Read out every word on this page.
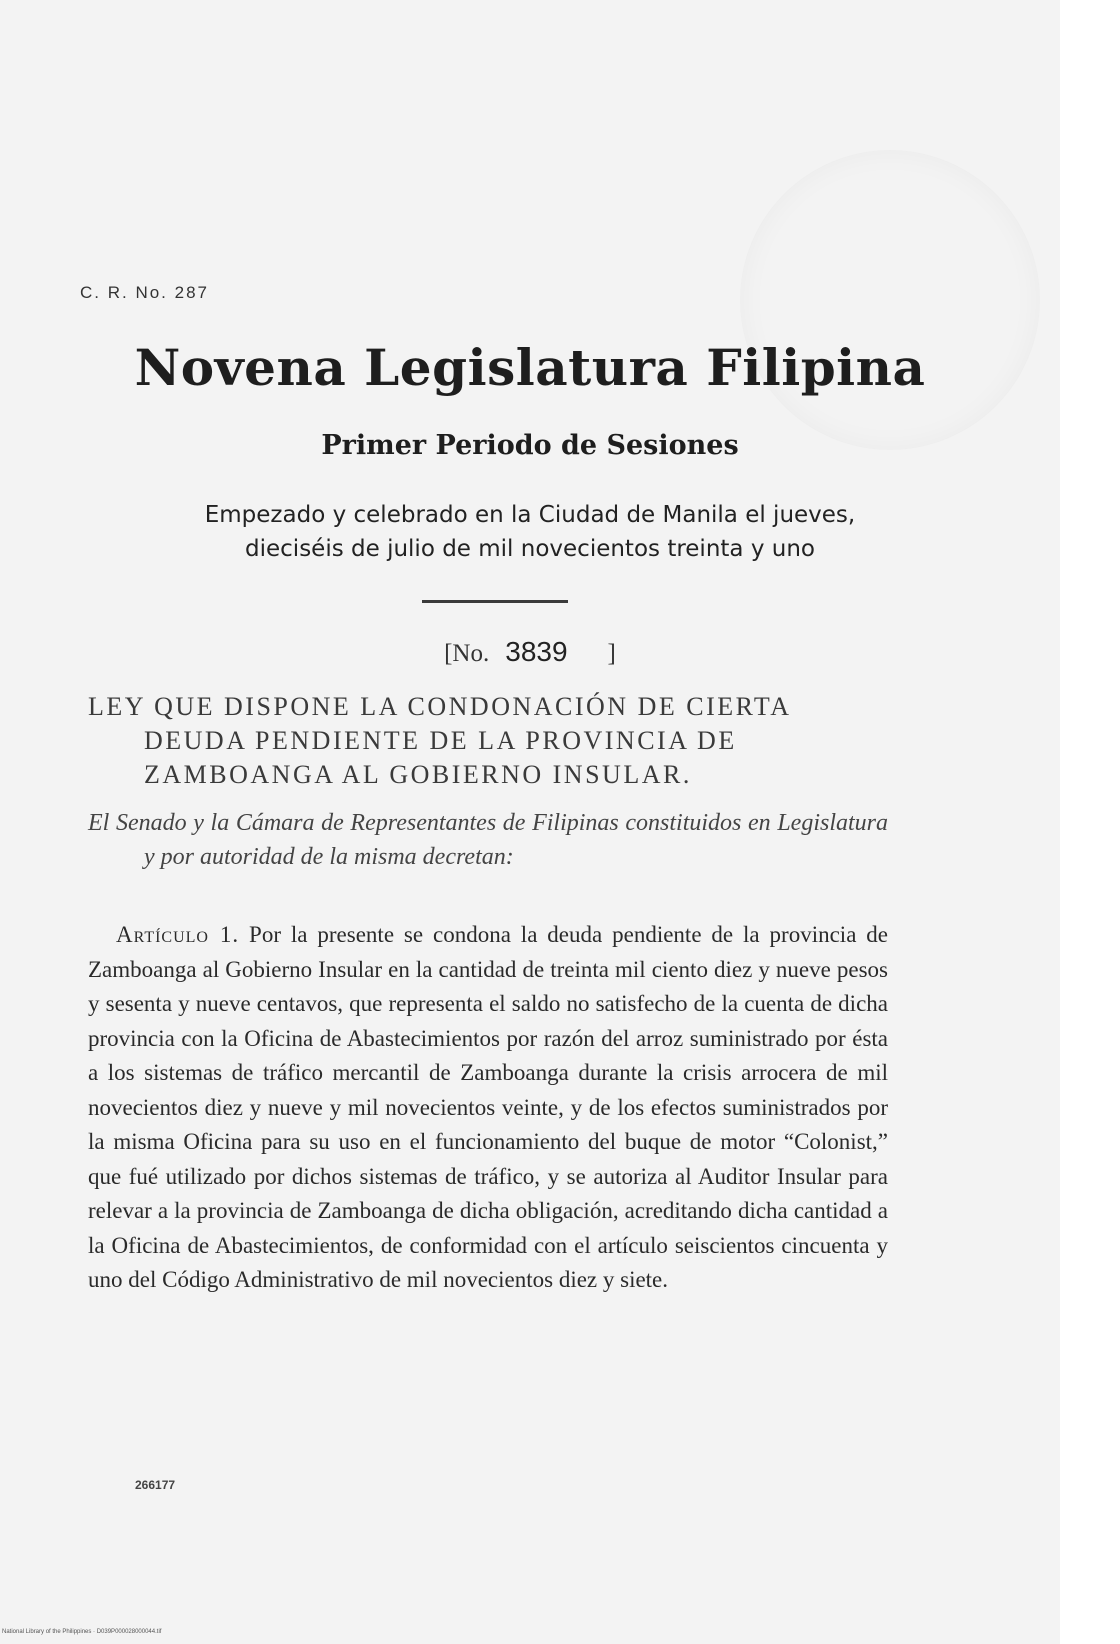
C. R. No. 287
Novena Legislatura Filipina
Primer Periodo de Sesiones
Empezado y celebrado en la Ciudad de Manila el jueves,
dieciséis de julio de mil novecientos treinta y uno
[No. 3839 ]
LEY QUE DISPONE LA CONDONACIÓN DE CIERTA DEUDA PENDIENTE DE LA PROVINCIA DE ZAMBOANGA AL GOBIERNO INSULAR.
El Senado y la Cámara de Representantes de Filipinas constituidos en Legislatura y por autoridad de la misma decretan:
Artículo 1. Por la presente se condona la deuda pendiente de la provincia de Zamboanga al Gobierno Insular en la cantidad de treinta mil ciento diez y nueve pesos y sesenta y nueve centavos, que representa el saldo no satisfecho de la cuenta de dicha provincia con la Oficina de Abastecimientos por razón del arroz suministrado por ésta a los sistemas de tráfico mercantil de Zamboanga durante la crisis arrocera de mil novecientos diez y nueve y mil novecientos veinte, y de los efectos suministrados por la misma Oficina para su uso en el funcionamiento del buque de motor “Colonist,” que fué utilizado por dichos sistemas de tráfico, y se autoriza al Auditor Insular para relevar a la provincia de Zamboanga de dicha obligación, acreditando dicha cantidad a la Oficina de Abastecimientos, de conformidad con el artículo seiscientos cincuenta y uno del Código Administrativo de mil novecientos diez y siete.
266177
National Library of the Philippines · D039P000028000044.tif
